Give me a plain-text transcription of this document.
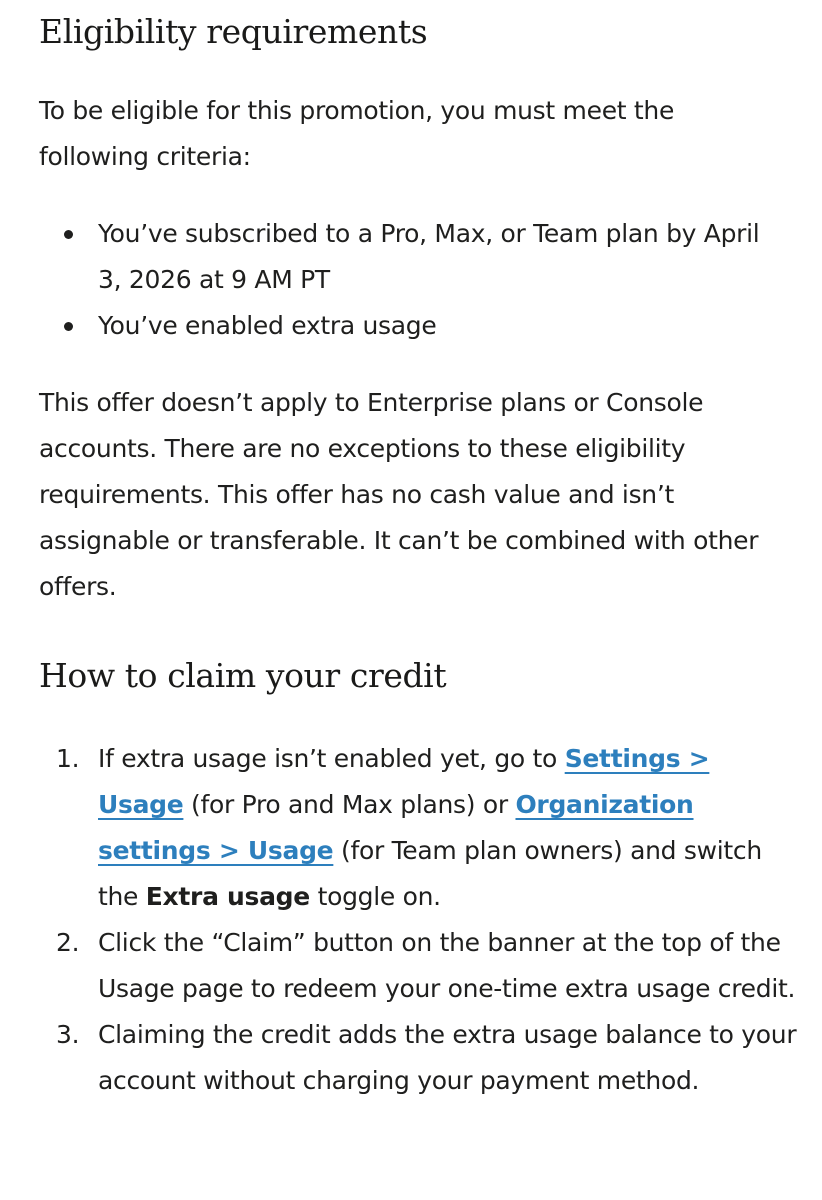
Eligibility requirements

To be eligible for this promotion, you must meet the following criteria:

You’ve subscribed to a Pro, Max, or Team plan by April 3, 2026 at 9 AM PT
You’ve enabled extra usage

This offer doesn’t apply to Enterprise plans or Console accounts. There are no exceptions to these eligibility requirements. This offer has no cash value and isn’t assignable or transferable. It can’t be combined with other offers.

How to claim your credit
1. If extra usage isn’t enabled yet, go to Settings > Usage (for Pro and Max plans) or Organization settings > Usage (for Team plan owners) and switch the Extra usage toggle on.
2. Click the “Claim” button on the banner at the top of the Usage page to redeem your one-time extra usage credit.
3. Claiming the credit adds the extra usage balance to your account without charging your payment method.
